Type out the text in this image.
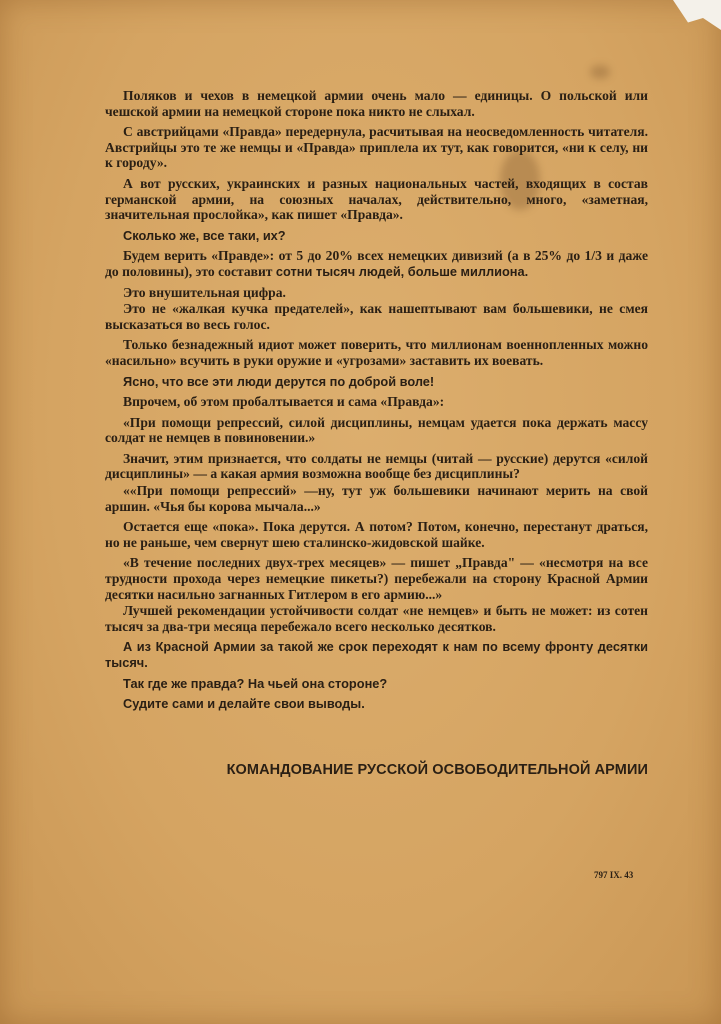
Поляков и чехов в немецкой армии очень мало — единицы. О польской или чешской армии на немецкой стороне пока никто не слыхал.

С австрийцами «Правда» передернула, расчитывая на неосведомленность читателя. Австрийцы это те же немцы и «Правда» приплела их тут, как говорится, «ни к селу, ни к городу».

А вот русских, украинских и разных национальных частей, входящих в состав германской армии, на союзных началах, действительно, много, «заметная, значительная прослойка», как пишет «Правда».

Сколько же, все таки, их?

Будем верить «Правде»: от 5 до 20% всех немецких дивизий (а в 25% до 1/3 и даже до половины), это составит сотни тысяч людей, больше миллиона.

Это внушительная цифра.

Это не «жалкая кучка предателей», как нашептывают вам большевики, не смея высказаться во весь голос.

Только безнадежный идиот может поверить, что миллионам военнопленных можно «насильно» всучить в руки оружие и «угрозами» заставить их воевать.

Ясно, что все эти люди дерутся по доброй воле!

Впрочем, об этом пробалтывается и сама «Правда»:

«При помощи репрессий, силой дисциплины, немцам удается пока держать массу солдат не немцев в повиновении.»

Значит, этим признается, что солдаты не немцы (читай — русские) дерутся «силой дисциплины» — а какая армия возможна вообще без дисциплины?

««При помощи репрессий» —ну, тут уж большевики начинают мерить на свой аршин. «Чья бы корова мычала...»

Остается еще «пока». Пока дерутся. А потом? Потом, конечно, перестанут драться, но не раньше, чем свернут шею сталинско-жидовской шайке.

«В течение последних двух-трех месяцев» — пишет „Правда" — «несмотря на все трудности прохода через немецкие пикеты?) перебежали на сторону Красной Армии десятки насильно загнанных Гитлером в его армию...»

Лучшей рекомендации устойчивости солдат «не немцев» и быть не может: из сотен тысяч за два-три месяца перебежало всего несколько десятков.

А из Красной Армии за такой же срок переходят к нам по всему фронту десятки тысяч.

Так где же правда? На чьей она стороне?

Судите сами и делайте свои выводы.

КОМАНДОВАНИЕ РУССКОЙ ОСВОБОДИТЕЛЬНОЙ АРМИИ
797 IX. 43
